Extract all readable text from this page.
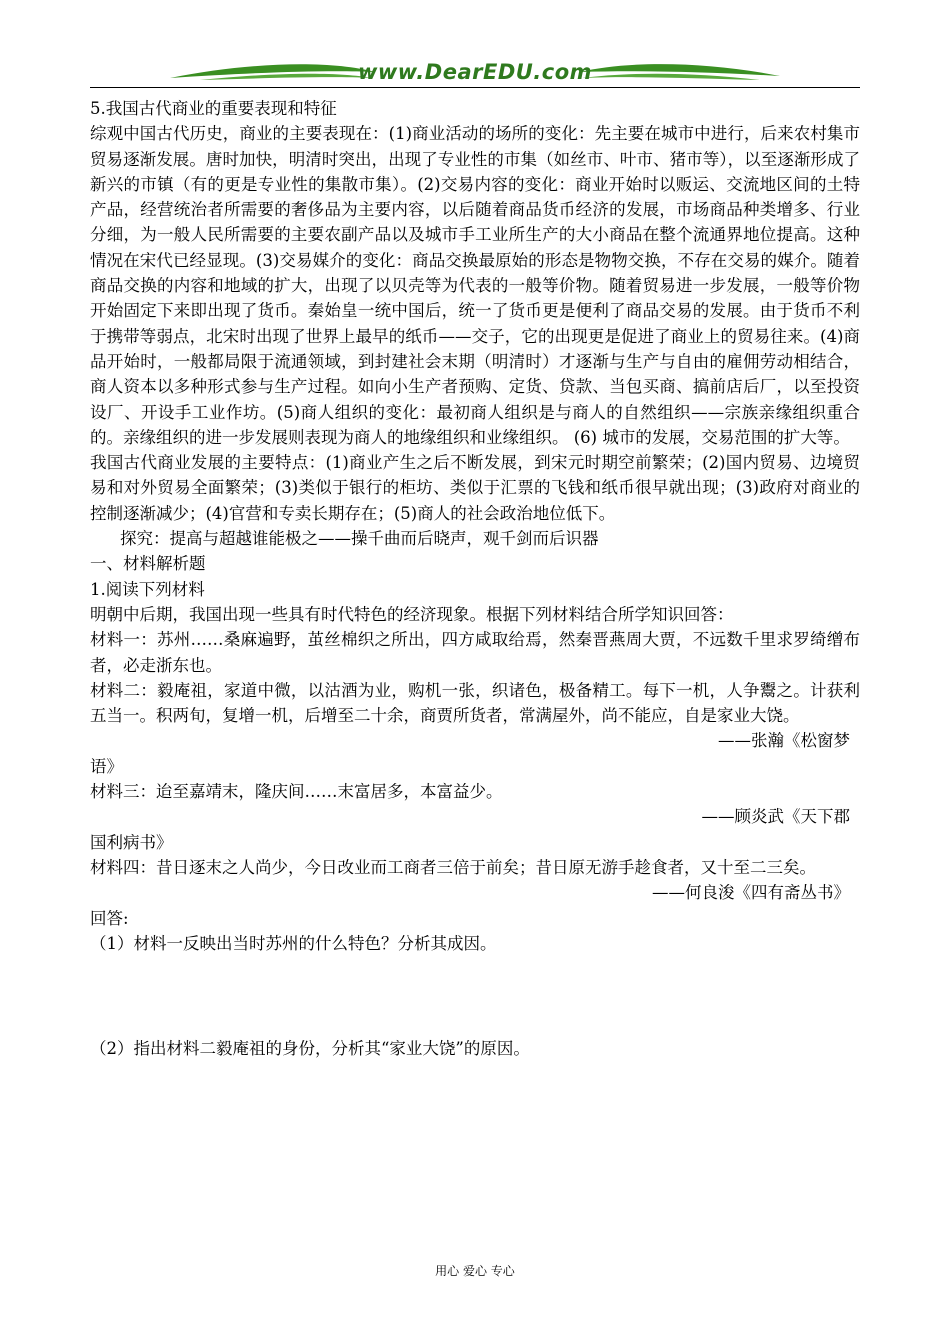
www.DearEDU.com

5.我国古代商业的重要表现和特征

综观中国古代历史，商业的主要表现在：(1)商业活动的场所的变化：先主要在城市中进行，后来农村集市贸易逐渐发展。唐时加快，明清时突出，出现了专业性的市集（如丝市、叶市、猪市等），以至逐渐形成了新兴的市镇（有的更是专业性的集散市集）。(2)交易内容的变化：商业开始时以贩运、交流地区间的土特产品，经营统治者所需要的奢侈品为主要内容，以后随着商品货币经济的发展，市场商品种类增多、行业分细，为一般人民所需要的主要农副产品以及城市手工业所生产的大小商品在整个流通界地位提高。这种情况在宋代已经显现。(3)交易媒介的变化：商品交换最原始的形态是物物交换，不存在交易的媒介。随着商品交换的内容和地域的扩大，出现了以贝壳等为代表的一般等价物。随着贸易进一步发展，一般等价物开始固定下来即出现了货币。秦始皇一统中国后，统一了货币更是便利了商品交易的发展。由于货币不利于携带等弱点，北宋时出现了世界上最早的纸币——交子，它的出现更是促进了商业上的贸易往来。(4)商品开始时，一般都局限于流通领域，到封建社会末期（明清时）才逐渐与生产与自由的雇佣劳动相结合，商人资本以多种形式参与生产过程。如向小生产者预购、定货、贷款、当包买商、搞前店后厂，以至投资设厂、开设手工业作坊。(5)商人组织的变化：最初商人组织是与商人的自然组织——宗族亲缘组织重合的。亲缘组织的进一步发展则表现为商人的地缘组织和业缘组织。 (6) 城市的发展，交易范围的扩大等。

我国古代商业发展的主要特点：(1)商业产生之后不断发展，到宋元时期空前繁荣；(2)国内贸易、边境贸易和对外贸易全面繁荣；(3)类似于银行的柜坊、类似于汇票的飞钱和纸币很早就出现；(3)政府对商业的控制逐渐减少；(4)官营和专卖长期存在；(5)商人的社会政治地位低下。

探究：提高与超越谁能极之——操千曲而后晓声，观千剑而后识器

一、材料解析题

1.阅读下列材料

明朝中后期，我国出现一些具有时代特色的经济现象。根据下列材料结合所学知识回答：

材料一：苏州……桑麻遍野，茧丝棉织之所出，四方咸取给焉，然秦晋燕周大贾，不远数千里求罗绮缯布者，必走浙东也。

材料二：毅庵祖，家道中微，以沽酒为业，购机一张，织诸色，极备精工。每下一机，人争鬻之。计获利五当一。积两旬，复增一机，后增至二十余，商贾所货者，常满屋外，尚不能应，自是家业大饶。

——张瀚《松窗梦

语》

材料三：迨至嘉靖末，隆庆间……末富居多，本富益少。

——顾炎武《天下郡

国利病书》

材料四：昔日逐末之人尚少，今日改业而工商者三倍于前矣；昔日原无游手趁食者，又十至二三矣。

——何良浚《四有斋丛书》

回答:

（1）材料一反映出当时苏州的什么特色？分析其成因。

（2）指出材料二毅庵祖的身份，分析其“家业大饶”的原因。

用心 爱心 专心
